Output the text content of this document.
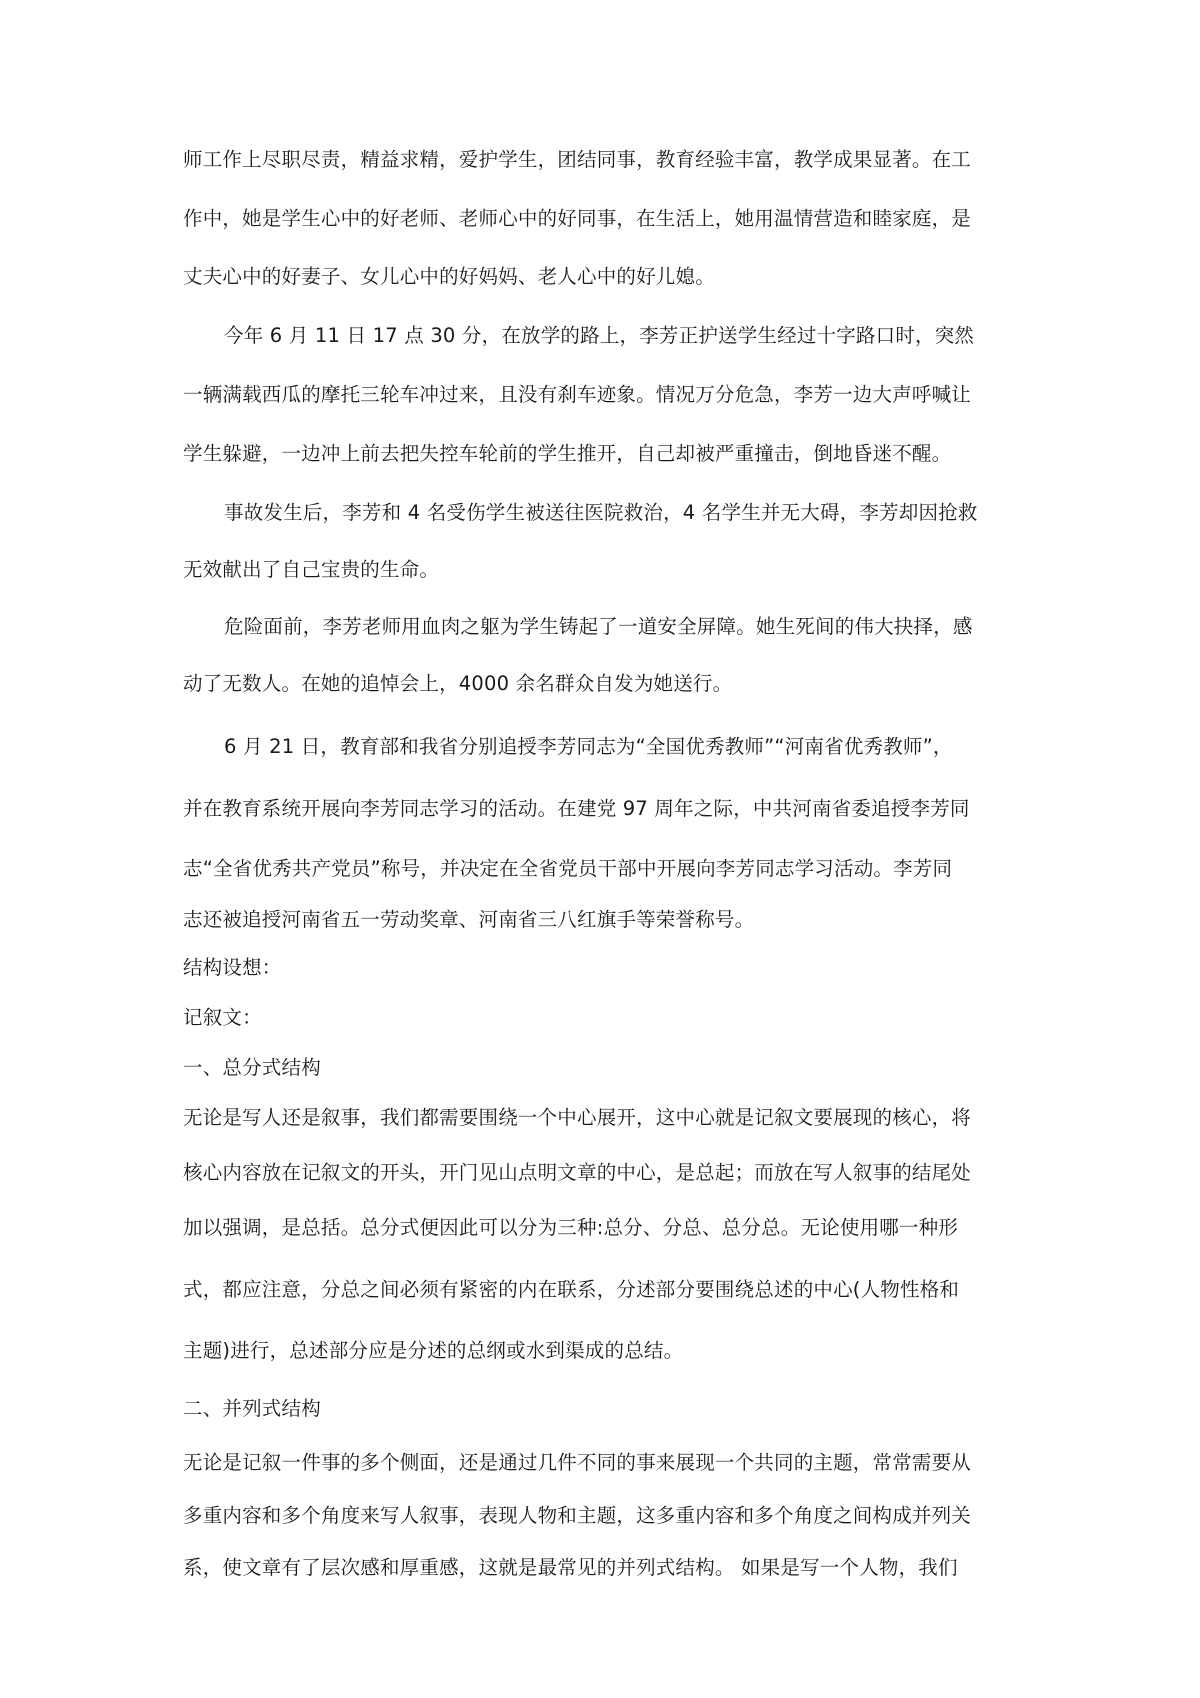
师工作上尽职尽责，精益求精，爱护学生，团结同事，教育经验丰富，教学成果显著。在工
作中，她是学生心中的好老师、老师心中的好同事，在生活上，她用温情营造和睦家庭，是
丈夫心中的好妻子、女儿心中的好妈妈、老人心中的好儿媳。
今年 6 月 11 日 17 点 30 分，在放学的路上，李芳正护送学生经过十字路口时，突然
一辆满载西瓜的摩托三轮车冲过来，且没有刹车迹象。情况万分危急，李芳一边大声呼喊让
学生躲避，一边冲上前去把失控车轮前的学生推开，自己却被严重撞击，倒地昏迷不醒。
事故发生后，李芳和 4 名受伤学生被送往医院救治，4 名学生并无大碍，李芳却因抢救
无效献出了自己宝贵的生命。
危险面前，李芳老师用血肉之躯为学生铸起了一道安全屏障。她生死间的伟大抉择，感
动了无数人。在她的追悼会上，4000 余名群众自发为她送行。
6 月 21 日，教育部和我省分别追授李芳同志为“全国优秀教师”“河南省优秀教师”，
并在教育系统开展向李芳同志学习的活动。在建党 97 周年之际，中共河南省委追授李芳同
志“全省优秀共产党员”称号，并决定在全省党员干部中开展向李芳同志学习活动。李芳同
志还被追授河南省五一劳动奖章、河南省三八红旗手等荣誉称号。
结构设想：
记叙文：
一、总分式结构
无论是写人还是叙事，我们都需要围绕一个中心展开，这中心就是记叙文要展现的核心，将
核心内容放在记叙文的开头，开门见山点明文章的中心，是总起；而放在写人叙事的结尾处
加以强调，是总括。总分式便因此可以分为三种:总分、分总、总分总。无论使用哪一种形
式，都应注意，分总之间必须有紧密的内在联系，分述部分要围绕总述的中心(人物性格和
主题)进行，总述部分应是分述的总纲或水到渠成的总结。
二、并列式结构
无论是记叙一件事的多个侧面，还是通过几件不同的事来展现一个共同的主题，常常需要从
多重内容和多个角度来写人叙事，表现人物和主题，这多重内容和多个角度之间构成并列关
系，使文章有了层次感和厚重感，这就是最常见的并列式结构。 如果是写一个人物，我们
